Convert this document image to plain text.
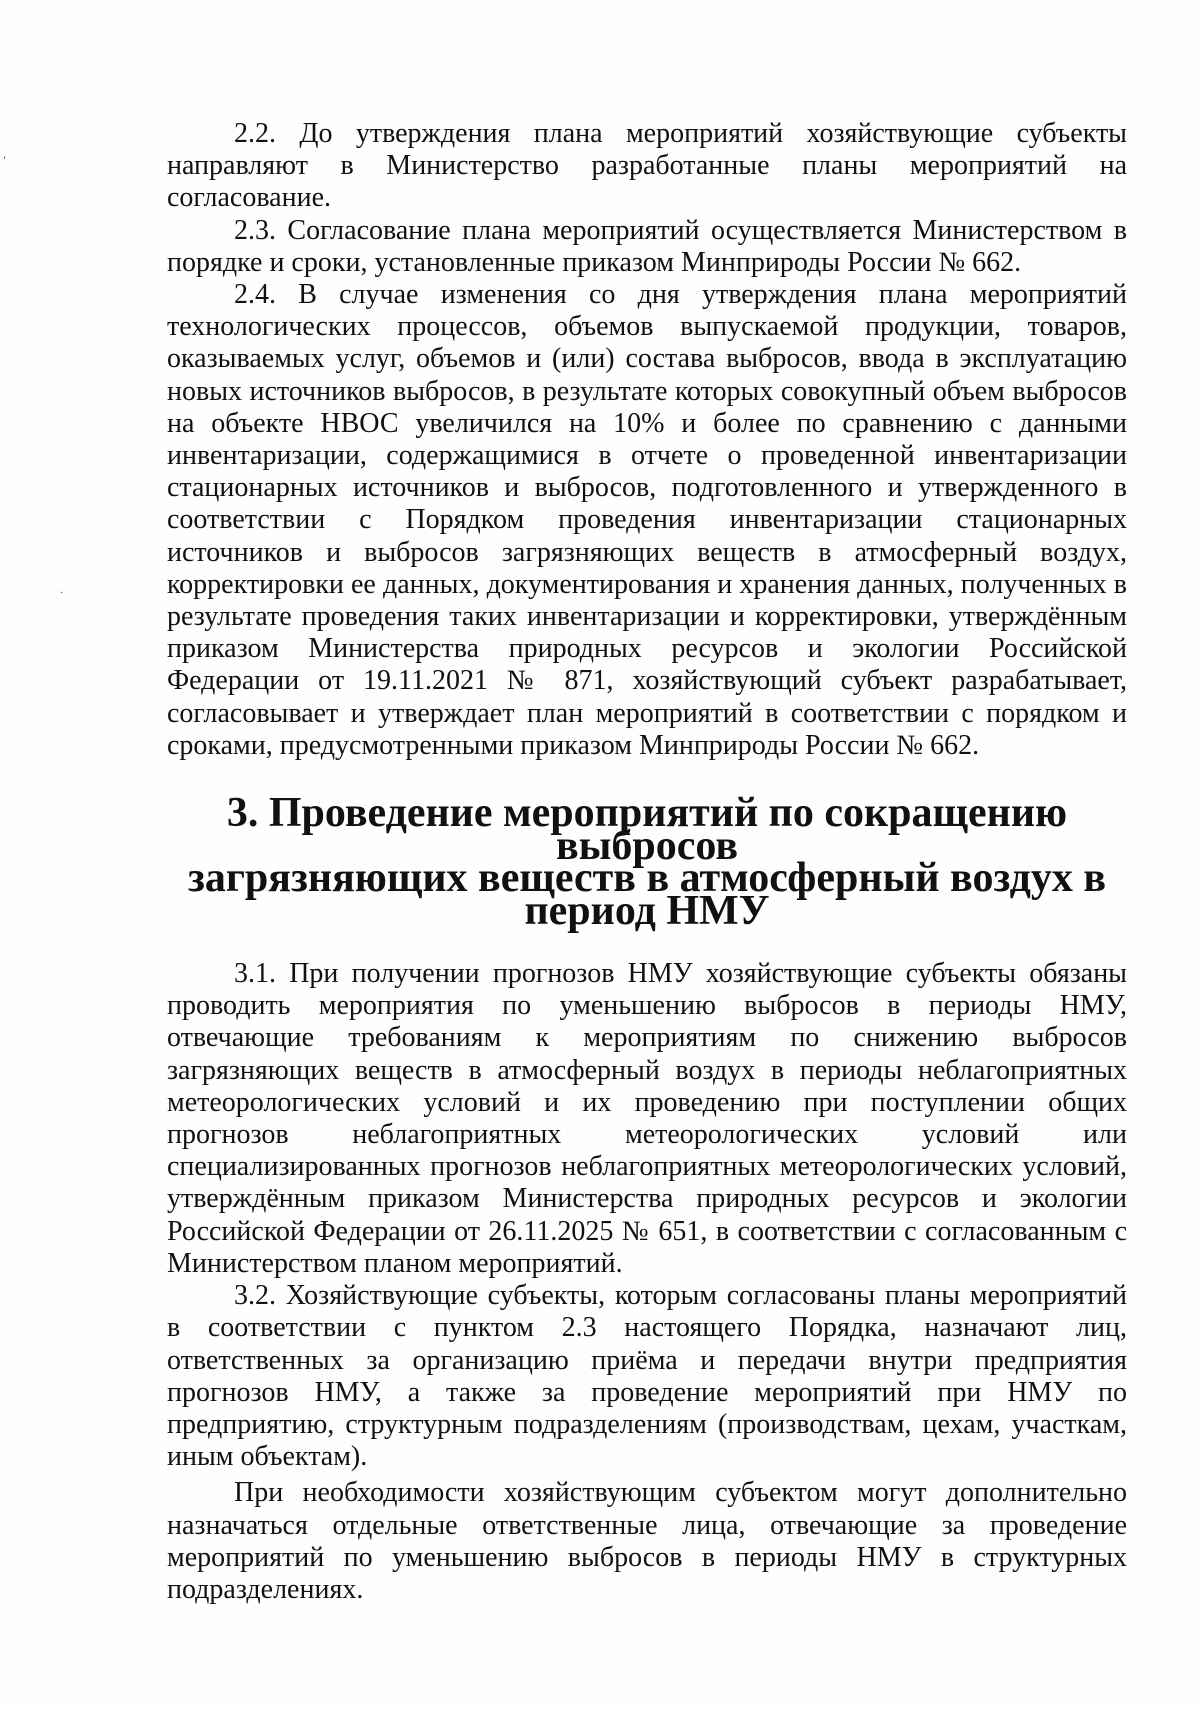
,
·

2.2. До утверждения плана мероприятий хозяйствующие субъекты направляют в Министерство разработанные планы мероприятий на согласование.

2.3. Согласование плана мероприятий осуществляется Министерством в порядке и сроки, установленные приказом Минприроды России № 662.

2.4. В случае изменения со дня утверждения плана мероприятий технологических процессов, объемов выпускаемой продукции, товаров, оказываемых услуг, объемов и (или) состава выбросов, ввода в эксплуатацию новых источников выбросов, в результате которых совокупный объем выбросов на объекте НВОС увеличился на 10% и более по сравнению с данными инвентаризации, содержащимися в отчете о проведенной инвентаризации стационарных источников и выбросов, подготовленного и утвержденного в соответствии с Порядком проведения инвентаризации стационарных источников и выбросов загрязняющих веществ в атмосферный воздух, корректировки ее данных, документирования и хранения данных, полученных в результате проведения таких инвентаризации и корректировки, утверждённым приказом Министерства природных ресурсов и экологии Российской Федерации от 19.11.2021 № 871, хозяйствующий субъект разрабатывает, согласовывает и утверждает план мероприятий в соответствии с порядком и сроками, предусмотренными приказом Минприроды России № 662.

3. Проведение мероприятий по сокращению выбросов
загрязняющих веществ в атмосферный воздух в период НМУ

3.1. При получении прогнозов НМУ хозяйствующие субъекты обязаны проводить мероприятия по уменьшению выбросов в периоды НМУ, отвечающие требованиям к мероприятиям по снижению выбросов загрязняющих веществ в атмосферный воздух в периоды неблагоприятных метеорологических условий и их проведению при поступлении общих прогнозов неблагоприятных метеорологических условий или специализированных прогнозов неблагоприятных метеорологических условий, утверждённым приказом Министерства природных ресурсов и экологии Российской Федерации от 26.11.2025 № 651, в соответствии с согласованным с Министерством планом мероприятий.

3.2. Хозяйствующие субъекты, которым согласованы планы мероприятий в соответствии с пунктом 2.3 настоящего Порядка, назначают лиц, ответственных за организацию приёма и передачи внутри предприятия прогнозов НМУ, а также за проведение мероприятий при НМУ по предприятию, структурным подразделениям (производствам, цехам, участкам, иным объектам).

При необходимости хозяйствующим субъектом могут дополнительно назначаться отдельные ответственные лица, отвечающие за проведение мероприятий по уменьшению выбросов в периоды НМУ в структурных подразделениях.
